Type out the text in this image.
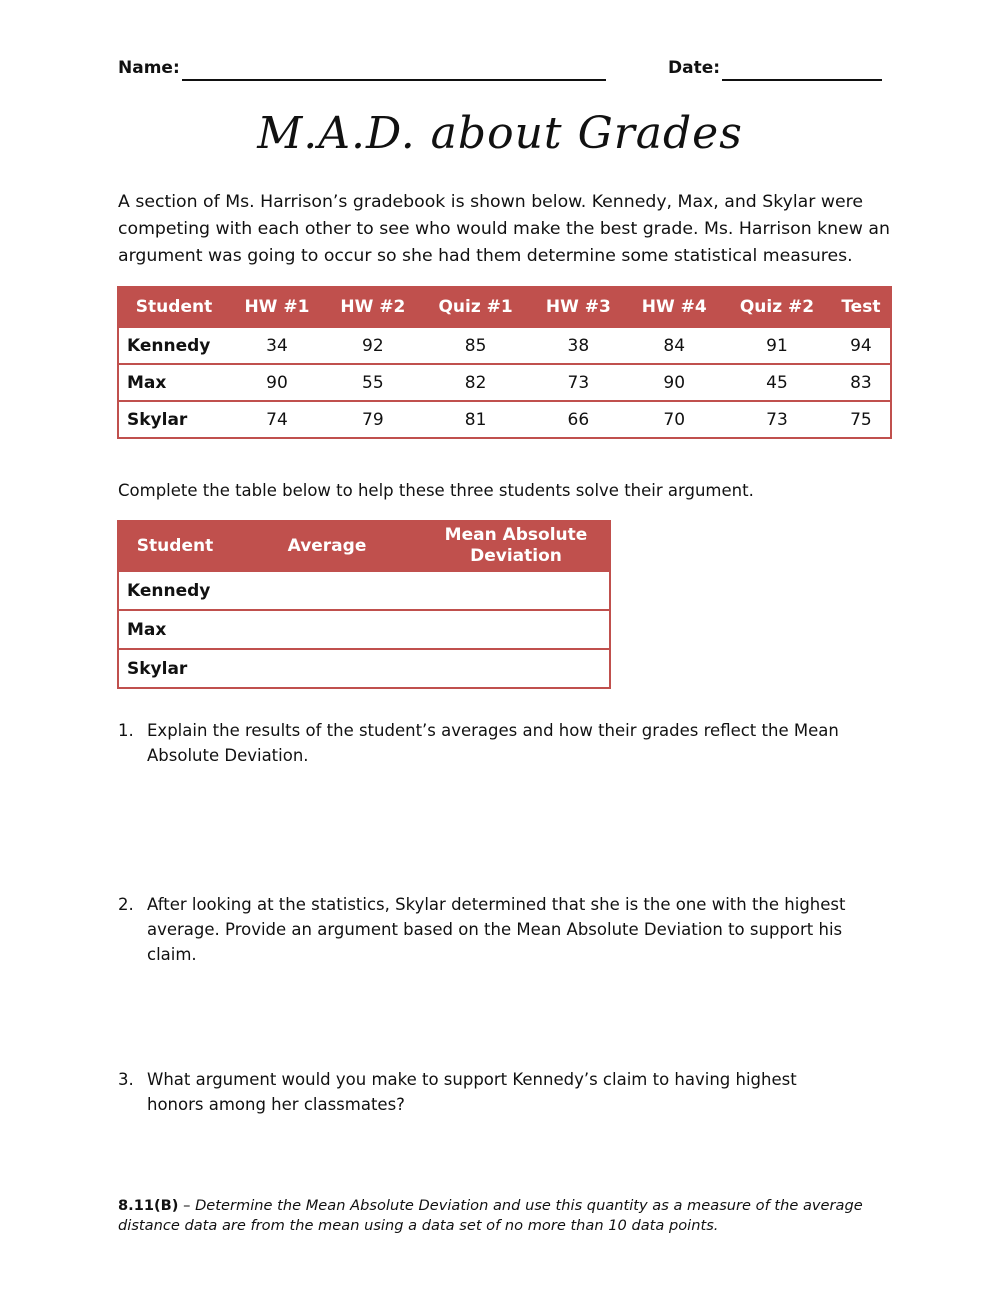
Name:	Date:
M.A.D. about Grades
A section of Ms. Harrison’s gradebook is shown below. Kennedy, Max, and Skylar were competing with each other to see who would make the best grade. Ms. Harrison knew an argument was going to occur so she had them determine some statistical measures.
Student	HW #1	HW #2	Quiz #1	HW #3	HW #4	Quiz #2	Test
Kennedy	34	92	85	38	84	91	94
Max	90	55	82	73	90	45	83
Skylar	74	79	81	66	70	73	75
Complete the table below to help these three students solve their argument.
Student	Average	Mean Absolute
Deviation

Kennedy		
Max		
Skylar		
1. Explain the results of the student’s averages and how their grades reflect the Mean Absolute Deviation.
2. After looking at the statistics, Skylar determined that she is the one with the highest average. Provide an argument based on the Mean Absolute Deviation to support his claim.
3. What argument would you make to support Kennedy’s claim to having highest honors among her classmates?
8.11(B) – Determine the Mean Absolute Deviation and use this quantity as a measure of the average distance data are from the mean using a data set of no more than 10 data points.
